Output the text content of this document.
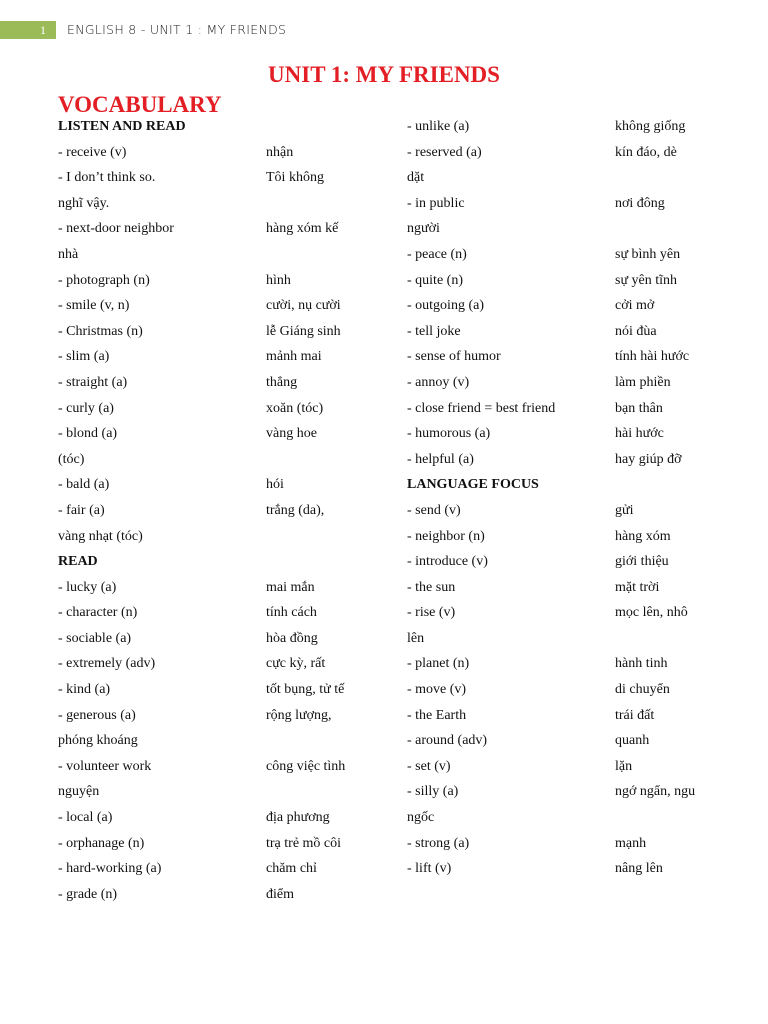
1 ENGLISH 8 - UNIT 1 : MY FRIENDS
UNIT 1: MY FRIENDS
VOCABULARY
LISTEN AND READ
- receive (v)	nhận
- I don’t think so.	Tôi không
nghĩ vậy.
- next-door neighbor	hàng xóm kế
nhà
- photograph (n)	hình
- smile (v, n)	cười, nụ cười
- Christmas (n)	lễ Giáng sinh
- slim (a)	mảnh mai
- straight (a)	thẳng
- curly (a)	xoăn (tóc)
- blond (a)	vàng hoe
(tóc)
- bald (a)	hói
- fair (a)	trắng (da),
vàng nhạt (tóc)
READ
- lucky (a)	mai mắn
- character (n)	tính cách
- sociable (a)	hòa đồng
- extremely (adv)	cực kỳ, rất
- kind (a)	tốt bụng, tử tế
- generous (a)	rộng lượng,
phóng khoáng
- volunteer work	công việc tình
nguyện
- local (a)	địa phương
- orphanage (n)	trạ trẻ mồ côi
- hard-working (a)	chăm chỉ
- grade (n)	điểm
- unlike (a)	không giống
- reserved (a)	kín đáo, dè
dặt
- in public	nơi đông
người
- peace (n)	sự bình yên
- quite (n)	sự yên tĩnh
- outgoing (a)	cởi mở
- tell joke	nói đùa
- sense of humor	tính hài hước
- annoy (v)	làm phiền
- close friend = best friend	bạn thân
- humorous (a)	hài hước
- helpful (a)	hay giúp đỡ
LANGUAGE FOCUS
- send (v)	gửi
- neighbor (n)	hàng xóm
- introduce (v)	giới thiệu
- the sun	mặt trời
- rise (v)	mọc lên, nhô
lên
- planet (n)	hành tinh
- move (v)	di chuyển
- the Earth	trái đất
- around (adv)	quanh
- set (v)	lặn
- silly (a)	ngớ ngẩn, ngu
ngốc
- strong (a)	mạnh
- lift (v)	nâng lên
